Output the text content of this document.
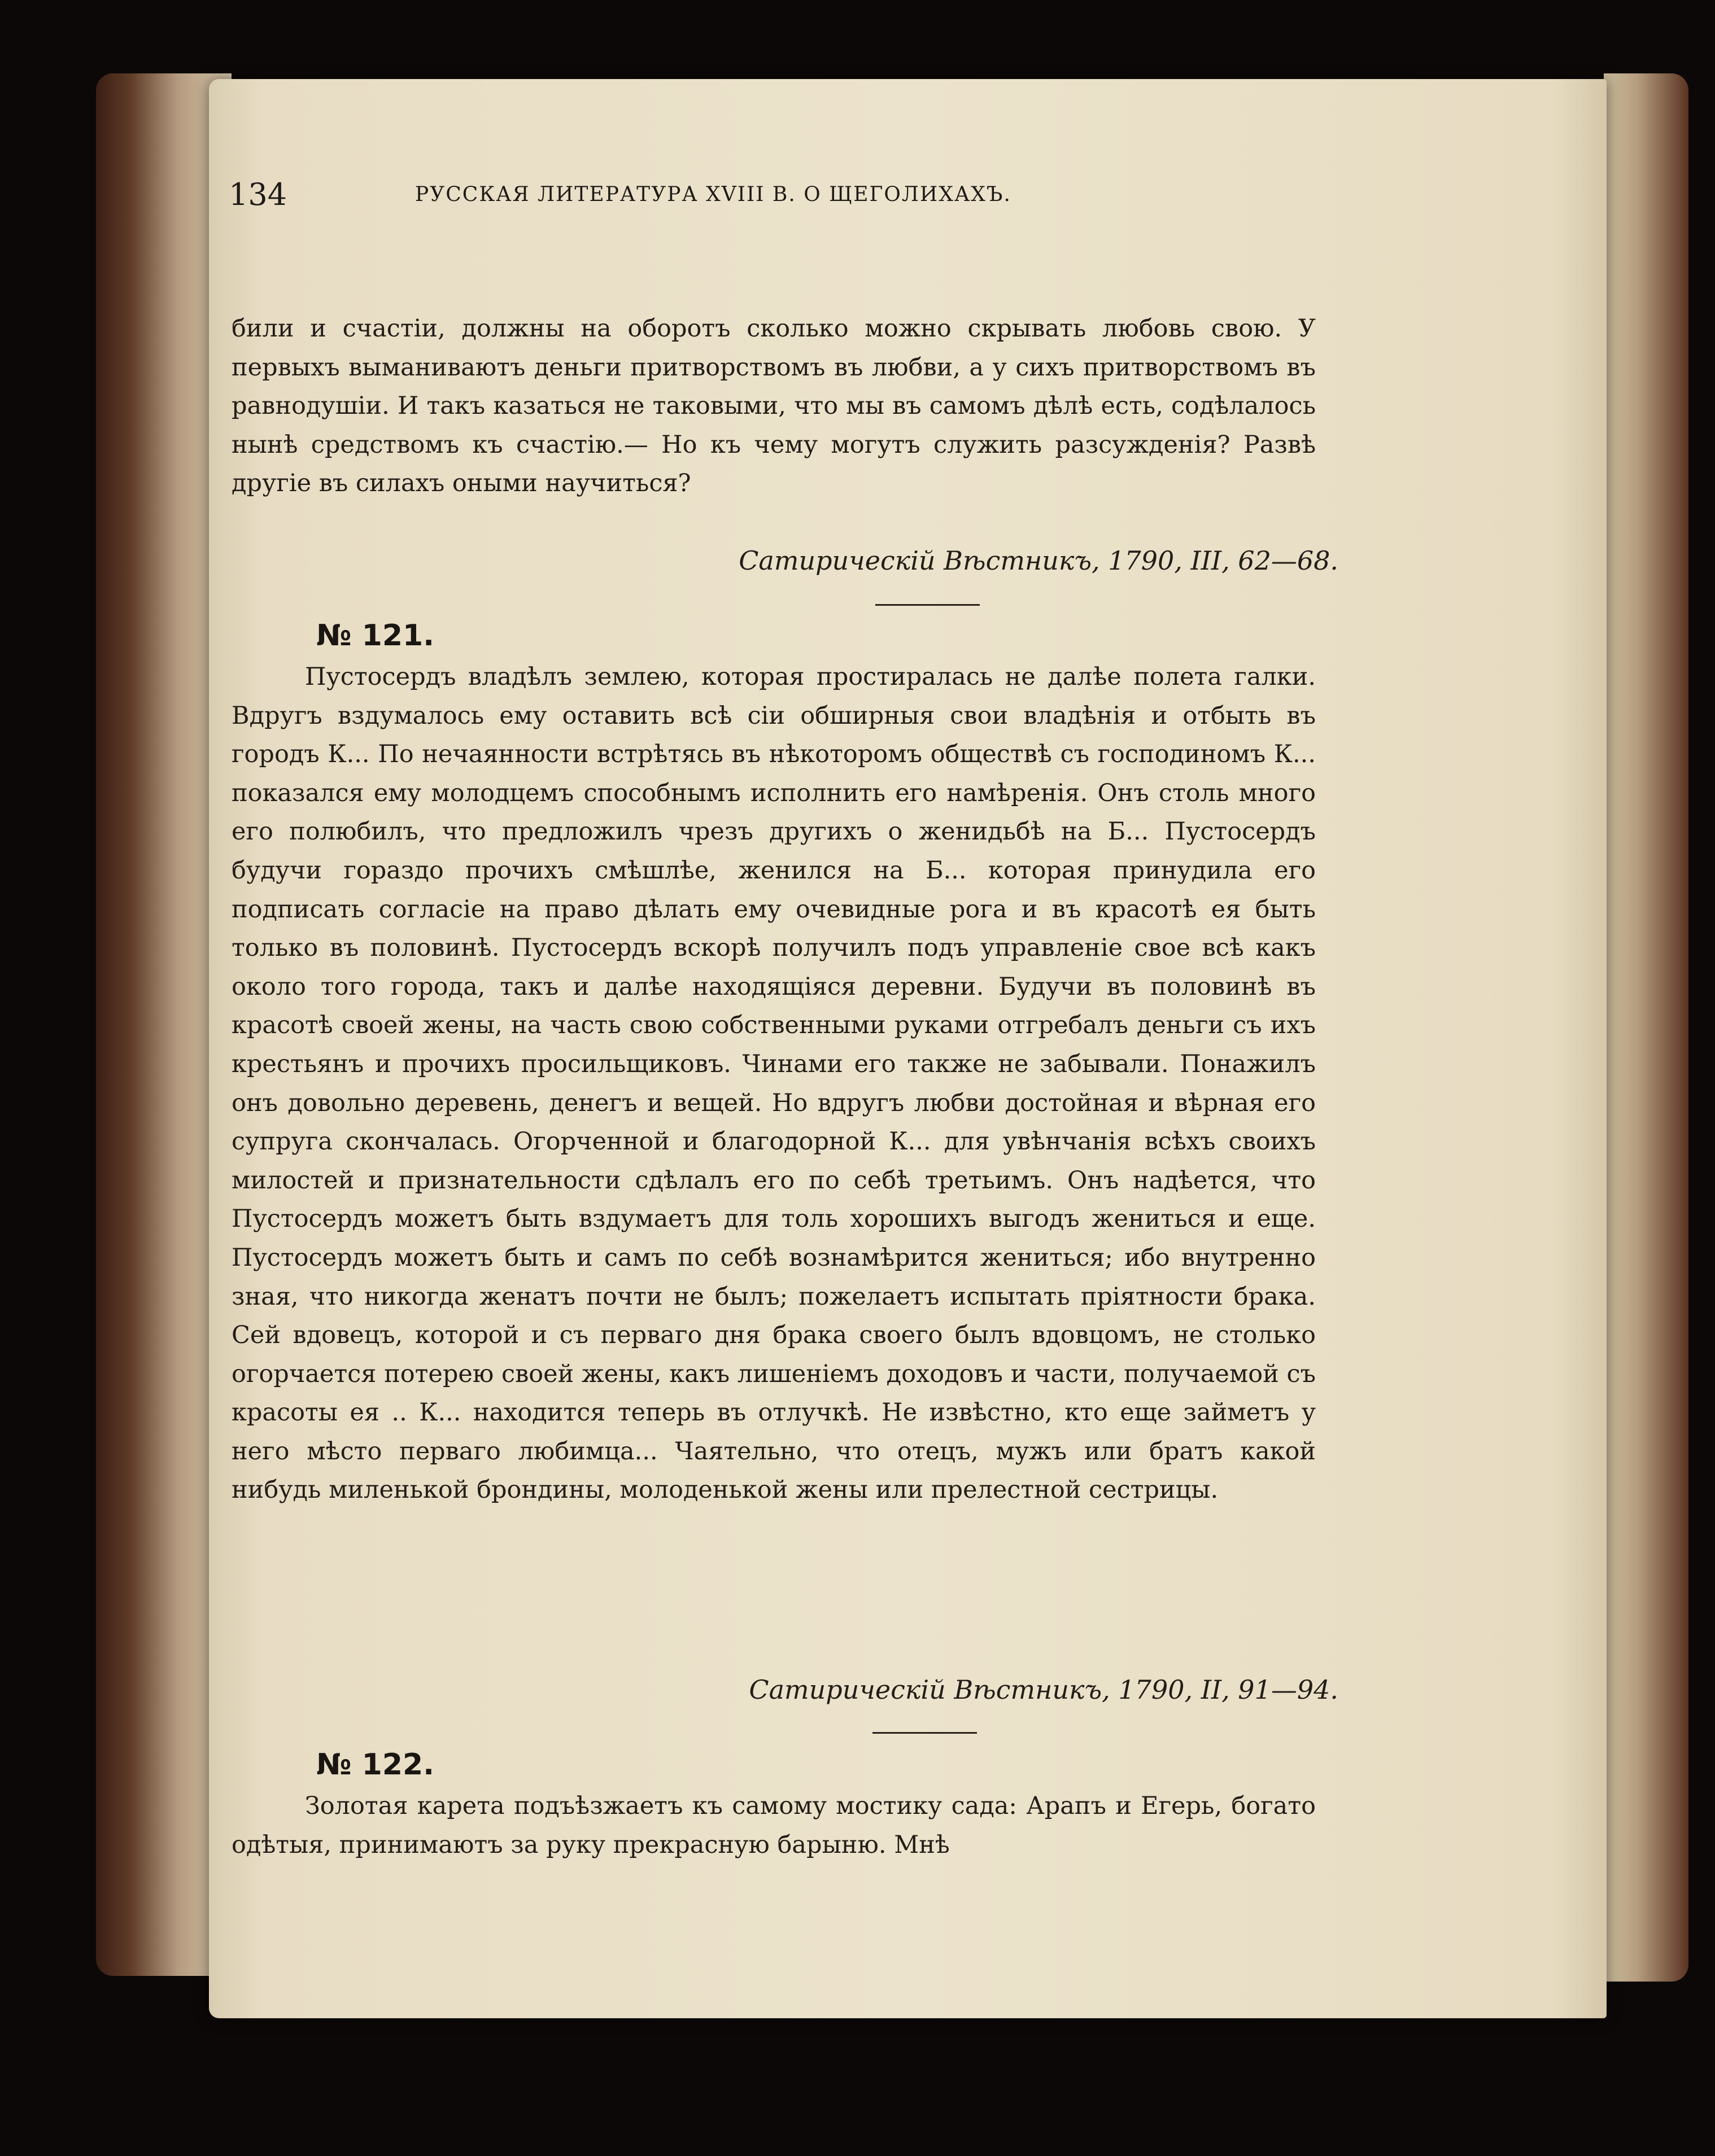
134	РУССКАЯ ЛИТЕРАТУРА XVIII В. О ЩЕГОЛИХАХЪ.

били и счастіи, должны на оборотъ сколько можно скрывать любовь свою. У первыхъ выманиваютъ деньги притворствомъ въ любви, а у сихъ притворствомъ въ равнодушіи. И такъ казаться не таковыми, что мы въ самомъ дѣлѣ есть, содѣлалось нынѣ средствомъ къ счастію.— Но къ чему могутъ служить разсужденія? Развѣ другіе въ силахъ оными научиться?

Сатирическій Вѣстникъ, 1790, III, 62—68.
№ 121.

Пустосердъ владѣлъ землею, которая простиралась не далѣе полета галки. Вдругъ вздумалось ему оставить всѣ сіи обширныя свои владѣнія и отбыть въ городъ К... По нечаянности встрѣтясь въ нѣкоторомъ обществѣ съ господиномъ К... показался ему молодцемъ способнымъ исполнить его намѣренія. Онъ столь много его полюбилъ, что предложилъ чрезъ другихъ о женидьбѣ на Б... Пустосердъ будучи гораздо прочихъ смѣшлѣе, женился на Б... которая принудила его подписать согласіе на право дѣлать ему очевидные рога и въ красотѣ ея быть только въ половинѣ. Пустосердъ вскорѣ получилъ подъ управленіе свое всѣ какъ около того города, такъ и далѣе находящіяся деревни. Будучи въ половинѣ въ красотѣ своей жены, на часть свою собственными руками отгребалъ деньги съ ихъ крестьянъ и прочихъ просильщиковъ. Чинами его также не забывали. Понажилъ онъ довольно деревень, денегъ и вещей. Но вдругъ любви достойная и вѣрная его супруга скончалась. Огорченной и благодорной К... для увѣнчанія всѣхъ своихъ милостей и признательности сдѣлалъ его по себѣ третьимъ. Онъ надѣется, что Пустосердъ можетъ быть вздумаетъ для толь хорошихъ выгодъ жениться и еще. Пустосердъ можетъ быть и самъ по себѣ вознамѣрится жениться; ибо внутренно зная, что никогда женатъ почти не былъ; пожелаетъ испытать пріятности брака. Сей вдовецъ, которой и съ перваго дня брака своего былъ вдовцомъ, не столько огорчается потерею своей жены, какъ лишеніемъ доходовъ и части, получаемой съ красоты ея .. К... находится теперь въ отлучкѣ. Не извѣстно, кто еще займетъ у него мѣсто перваго любимца... Чаятельно, что отецъ, мужъ или братъ какой нибудь миленькой брондины, молоденькой жены или прелестной сестрицы.

Сатирическій Вѣстникъ, 1790, II, 91—94.
№ 122.

Золотая карета подъѣзжаетъ къ самому мостику сада: Арапъ и Егерь, богато одѣтыя, принимаютъ за руку прекрасную барыню. Мнѣ
